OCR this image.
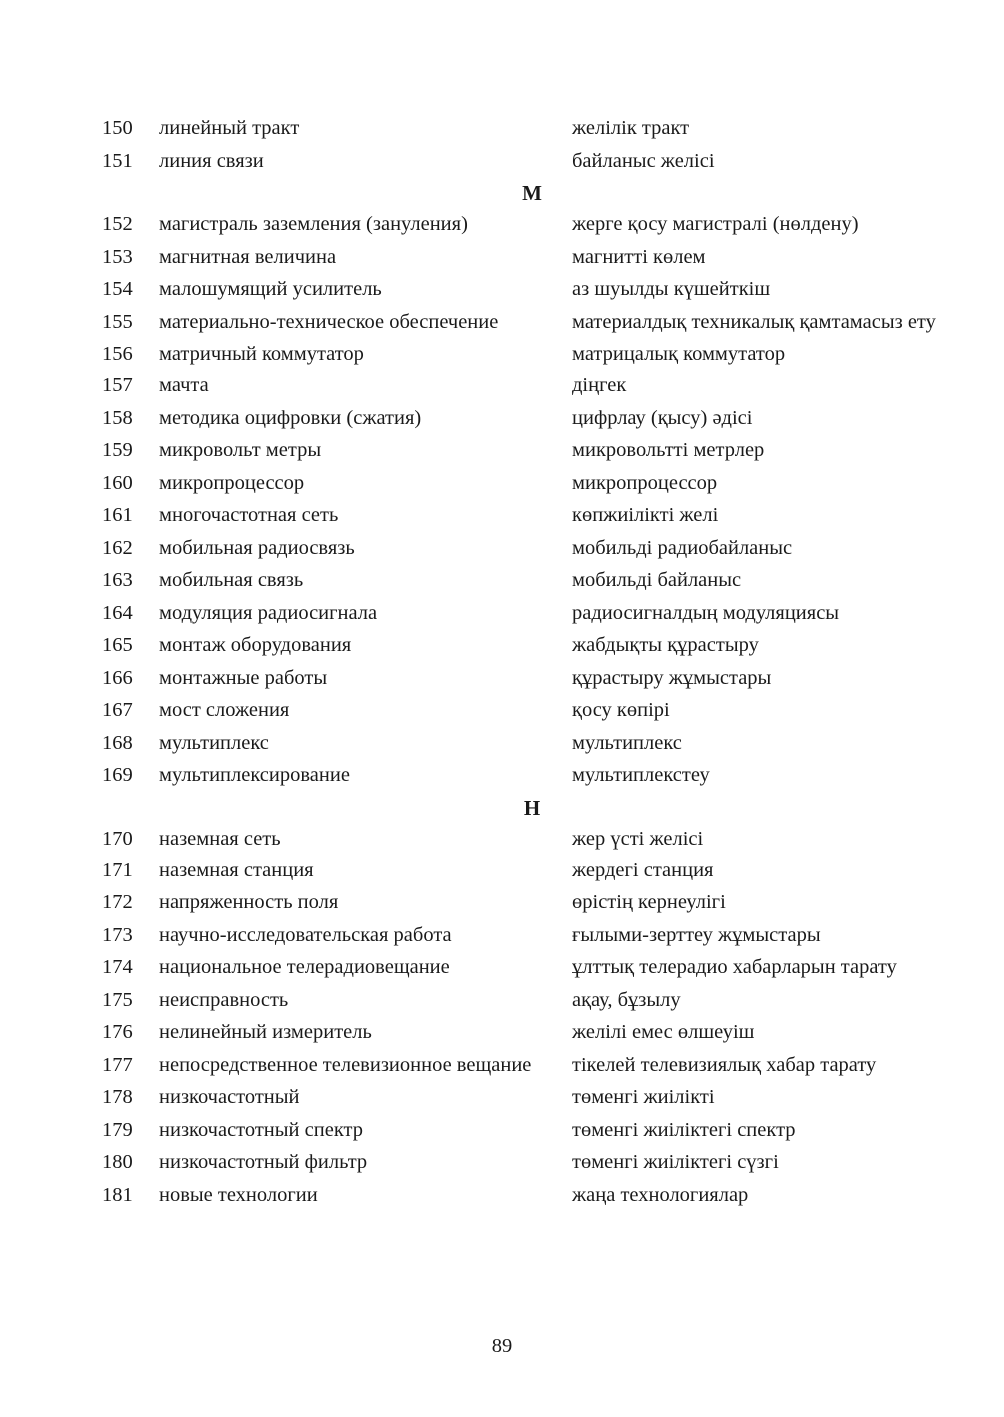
150	линейный тракт	желілік тракт
151	линия связи	байланыс желісі
М
152	магистраль заземления (зануления)	жерге қосу магистралі (нөлдену)
153	магнитная величина	магнитті көлем
154	малошумящий усилитель	аз шуылды күшейткіш
155	материально-техническое обеспечение	материалдық техникалық қамтамасыз ету
156	матричный коммутатор	матрицалық коммутатор
157	мачта	діңгек
158	методика оцифровки (сжатия)	цифрлау (қысу) әдісі
159	микровольт метры	микровольтті метрлер
160	микропроцессор	микропроцессор
161	многочастотная сеть	көпжиілікті желі
162	мобильная радиосвязь	мобильді радиобайланыс
163	мобильная связь	мобильді байланыс
164	модуляция радиосигнала	радиосигналдың модуляциясы
165	монтаж оборудования	жабдықты құрастыру
166	монтажные работы	құрастыру жұмыстары
167	мост сложения	қосу көпірі
168	мультиплекс	мультиплекс
169	мультиплексирование	мультиплекстеу
Н
170	наземная сеть	жер үсті желісі
171	наземная станция	жердегі станция
172	напряженность поля	өрістің кернеулігі
173	научно-исследовательская работа	ғылыми-зерттеу жұмыстары
174	национальное телерадиовещание	ұлттық телерадио хабарларын тарату
175	неисправность	ақау, бұзылу
176	нелинейный измеритель	желілі емес өлшеуіш
177	непосредственное телевизионное вещание	тікелей телевизиялық хабар тарату
178	низкочастотный	төменгі жиілікті
179	низкочастотный спектр	төменгі жиіліктегі спектр
180	низкочастотный фильтр	төменгі жиіліктегі сүзгі
181	новые технологии	жаңа технологиялар
89
